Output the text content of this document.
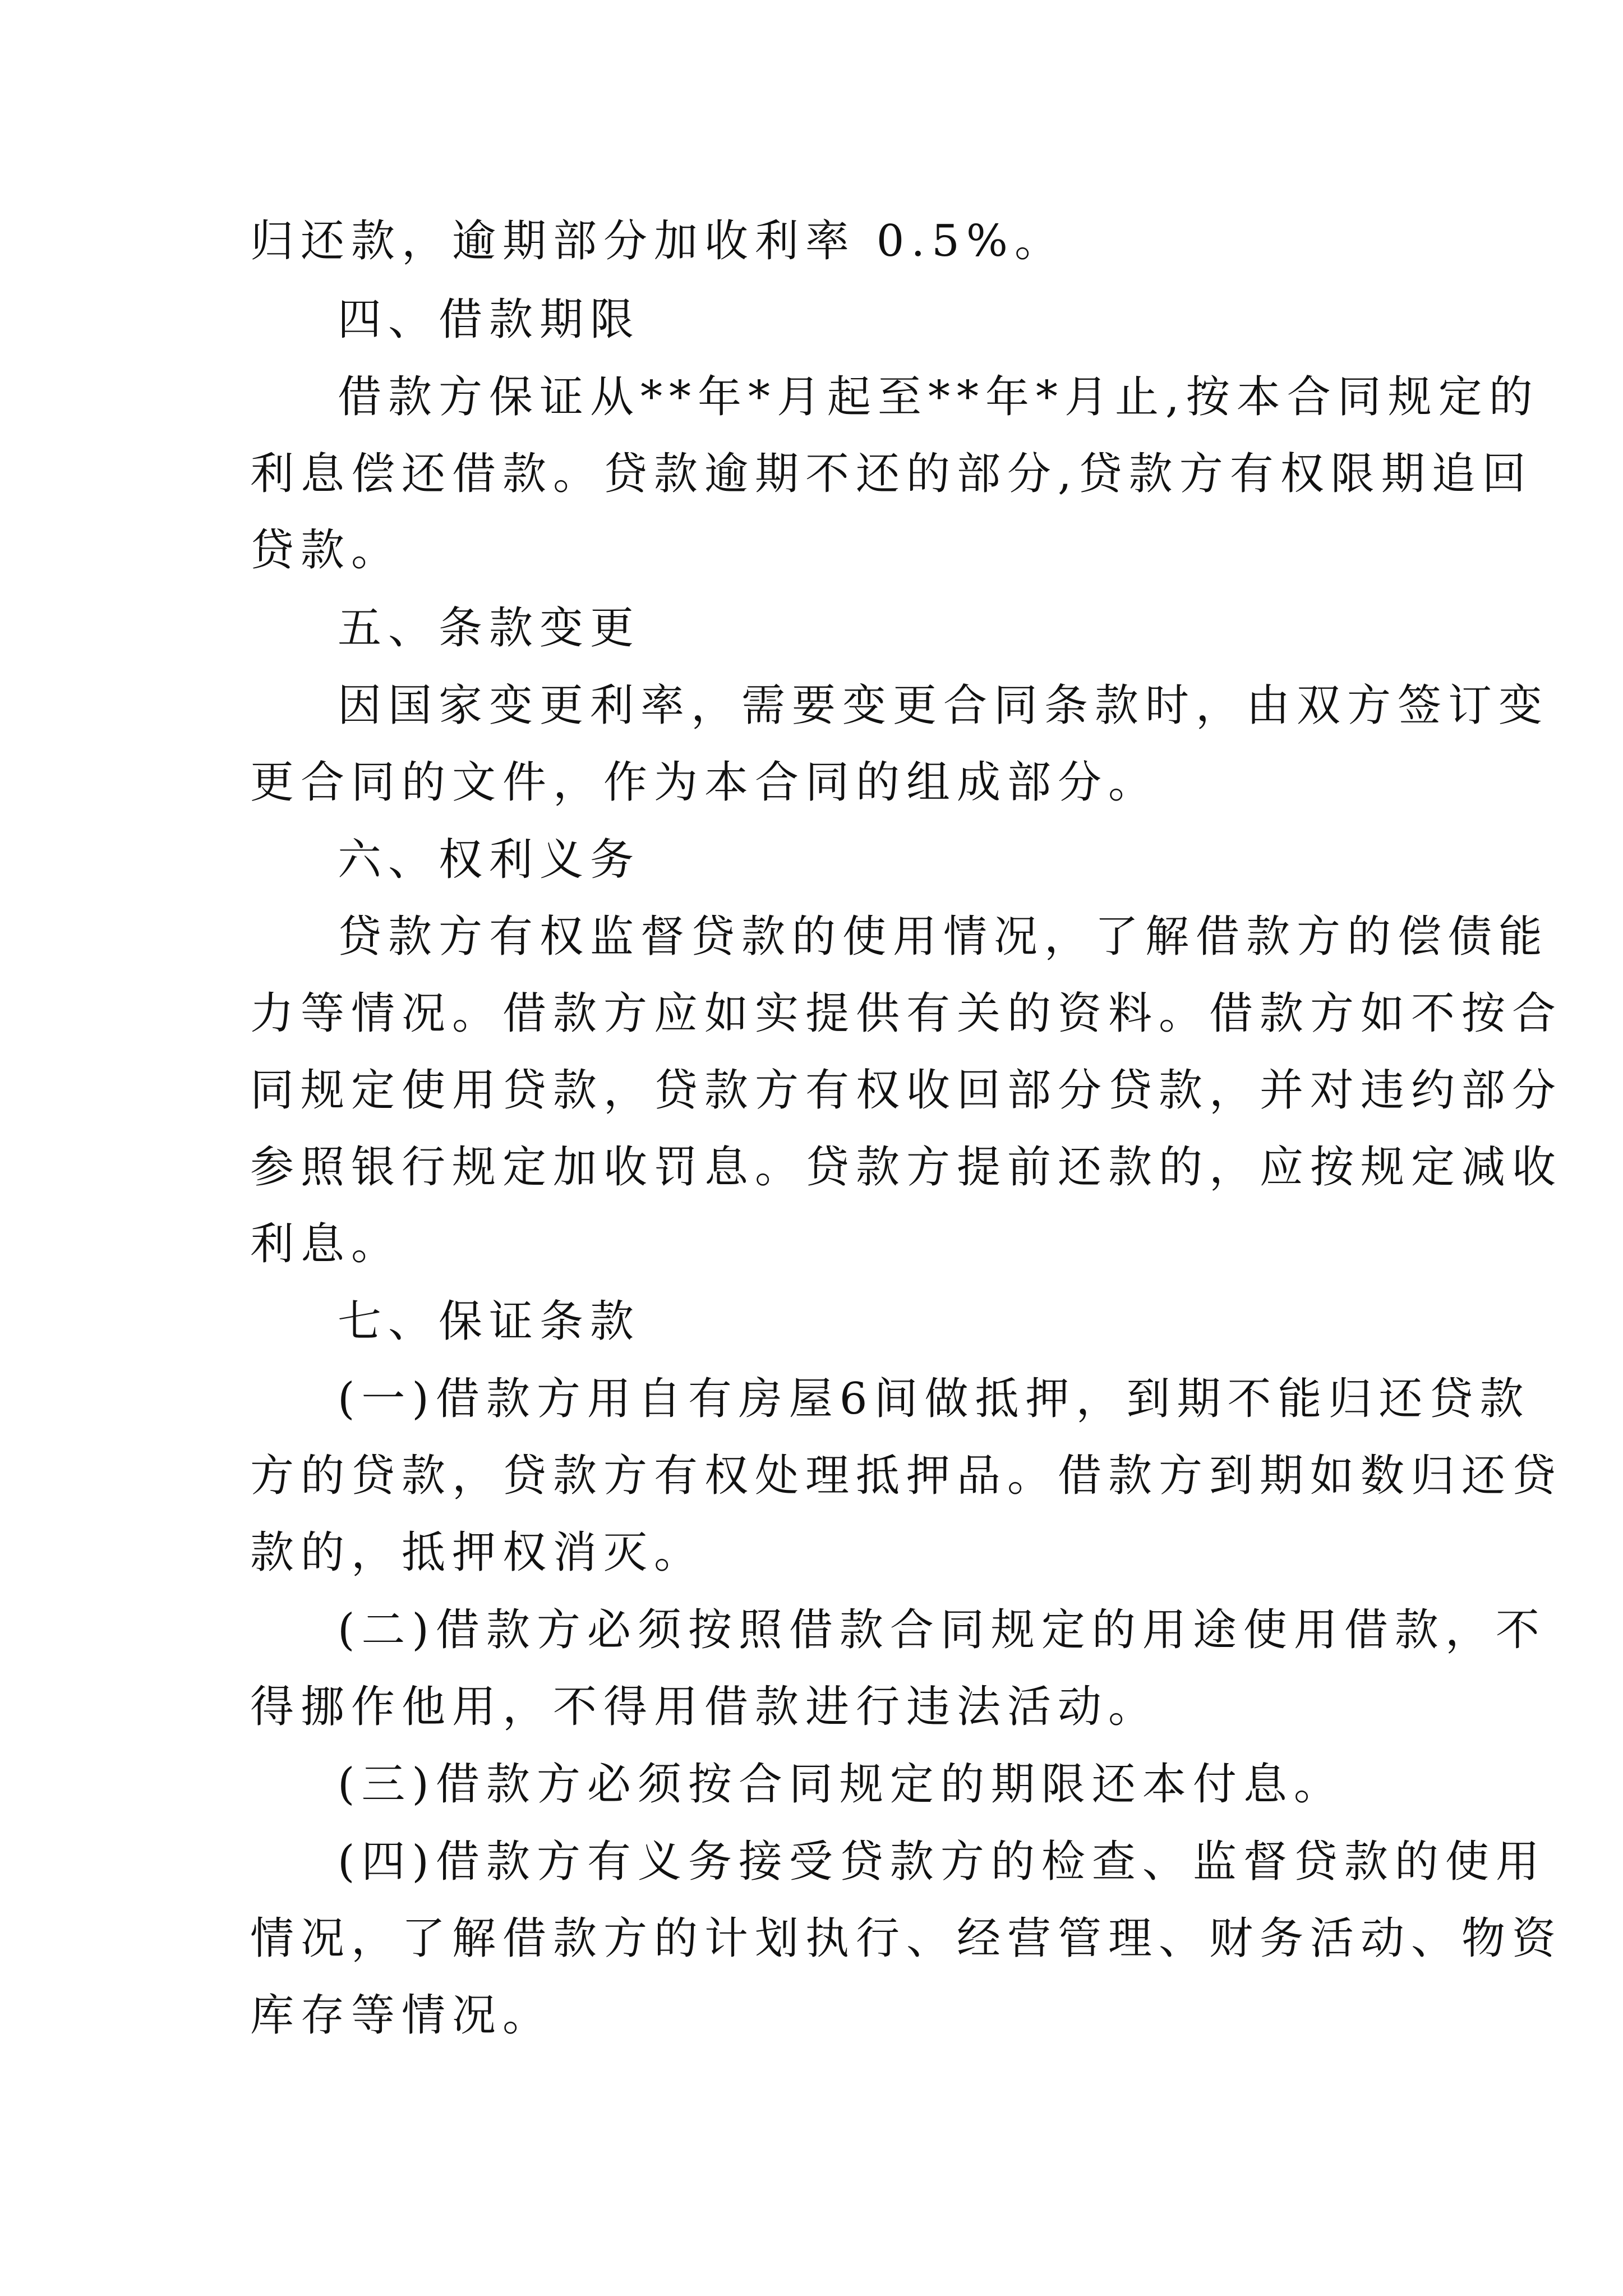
归还款，逾期部分加收利率 0.5%。
四、借款期限
借款方保证从**年*月起至**年*月止,按本合同规定的
利息偿还借款。贷款逾期不还的部分,贷款方有权限期追回
贷款。
五、条款变更
因国家变更利率，需要变更合同条款时，由双方签订变
更合同的文件，作为本合同的组成部分。
六、权利义务
贷款方有权监督贷款的使用情况，了解借款方的偿债能
力等情况。借款方应如实提供有关的资料。借款方如不按合
同规定使用贷款，贷款方有权收回部分贷款，并对违约部分
参照银行规定加收罚息。贷款方提前还款的，应按规定减收
利息。
七、保证条款
(一)借款方用自有房屋6间做抵押，到期不能归还贷款
方的贷款，贷款方有权处理抵押品。借款方到期如数归还贷
款的，抵押权消灭。
(二)借款方必须按照借款合同规定的用途使用借款，不
得挪作他用，不得用借款进行违法活动。
(三)借款方必须按合同规定的期限还本付息。
(四)借款方有义务接受贷款方的检查、监督贷款的使用
情况，了解借款方的计划执行、经营管理、财务活动、物资
库存等情况。
